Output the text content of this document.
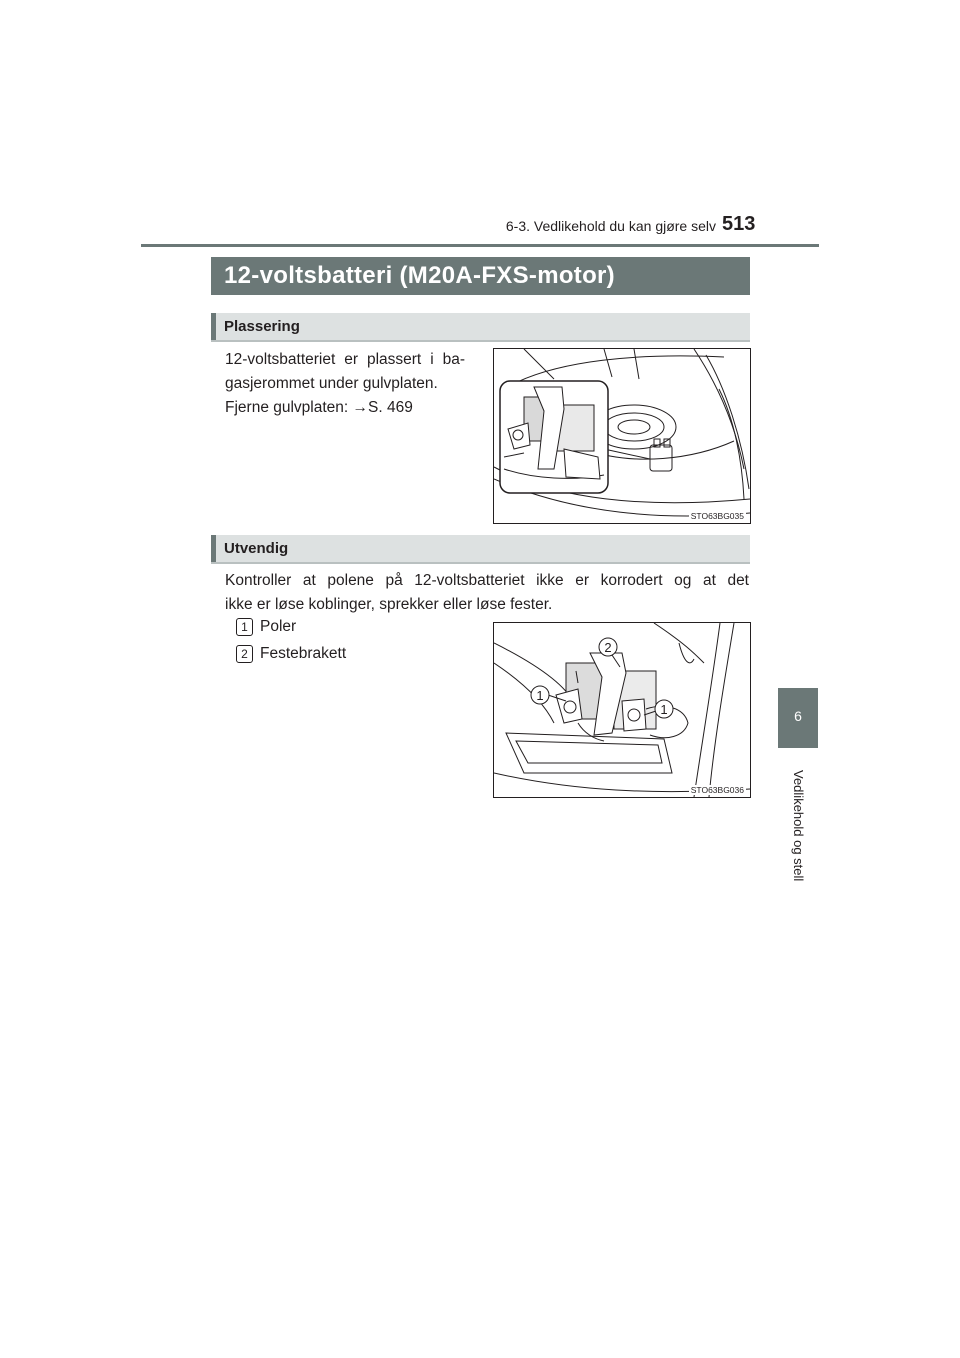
6-3. Vedlikehold du kan gjøre selv 513
6
Vedlikehold og stell
12-voltsbatteri (M20A-FXS-motor)
Plassering
12-voltsbatteriet er plassert i ba-
gasjerommet under gulvplaten.
Fjerne gulvplaten: →S. 469
STO63BG035
Utvendig
Kontroller at polene på 12-voltsbatteriet ikke er korrodert og at det
ikke er løse koblinger, sprekker eller løse fester.
1 Poler
2 Festebrakett	2
1
1
STO63BG036
